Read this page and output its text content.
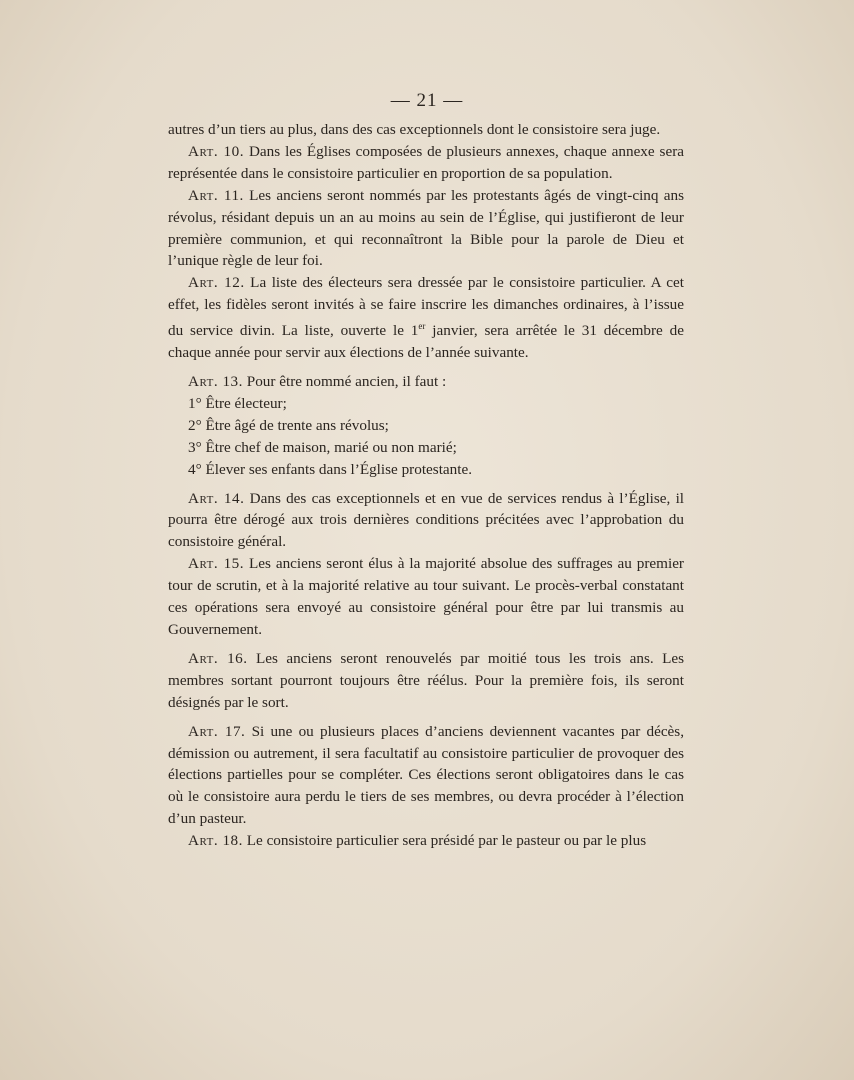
— 21 —

autres d’un tiers au plus, dans des cas exceptionnels dont le consistoire sera juge.

Art. 10. Dans les Églises composées de plusieurs annexes, chaque annexe sera représentée dans le consistoire particulier en proportion de sa population.

Art. 11. Les anciens seront nommés par les protestants âgés de vingt-cinq ans révolus, résidant depuis un an au moins au sein de l’Église, qui justifieront de leur première communion, et qui reconnaîtront la Bible pour la parole de Dieu et l’unique règle de leur foi.

Art. 12. La liste des électeurs sera dressée par le consistoire particulier. A cet effet, les fidèles seront invités à se faire inscrire les dimanches ordinaires, à l’issue du service divin. La liste, ouverte le 1er janvier, sera arrêtée le 31 décembre de chaque année pour servir aux élections de l’année suivante.

Art. 13. Pour être nommé ancien, il faut :

1° Être électeur;
2° Être âgé de trente ans révolus;
3° Être chef de maison, marié ou non marié;
4° Élever ses enfants dans l’Église protestante.

Art. 14. Dans des cas exceptionnels et en vue de services rendus à l’Église, il pourra être dérogé aux trois dernières conditions précitées avec l’approbation du consistoire général.

Art. 15. Les anciens seront élus à la majorité absolue des suffrages au premier tour de scrutin, et à la majorité relative au tour suivant. Le procès-verbal constatant ces opérations sera envoyé au consistoire général pour être par lui transmis au Gouvernement.

Art. 16. Les anciens seront renouvelés par moitié tous les trois ans. Les membres sortant pourront toujours être réélus. Pour la première fois, ils seront désignés par le sort.

Art. 17. Si une ou plusieurs places d’anciens deviennent vacantes par décès, démission ou autrement, il sera facultatif au consistoire particulier de provoquer des élections partielles pour se compléter. Ces élections seront obligatoires dans le cas où le consistoire aura perdu le tiers de ses membres, ou devra procéder à l’élection d’un pasteur.

Art. 18. Le consistoire particulier sera présidé par le pasteur ou par le plus
